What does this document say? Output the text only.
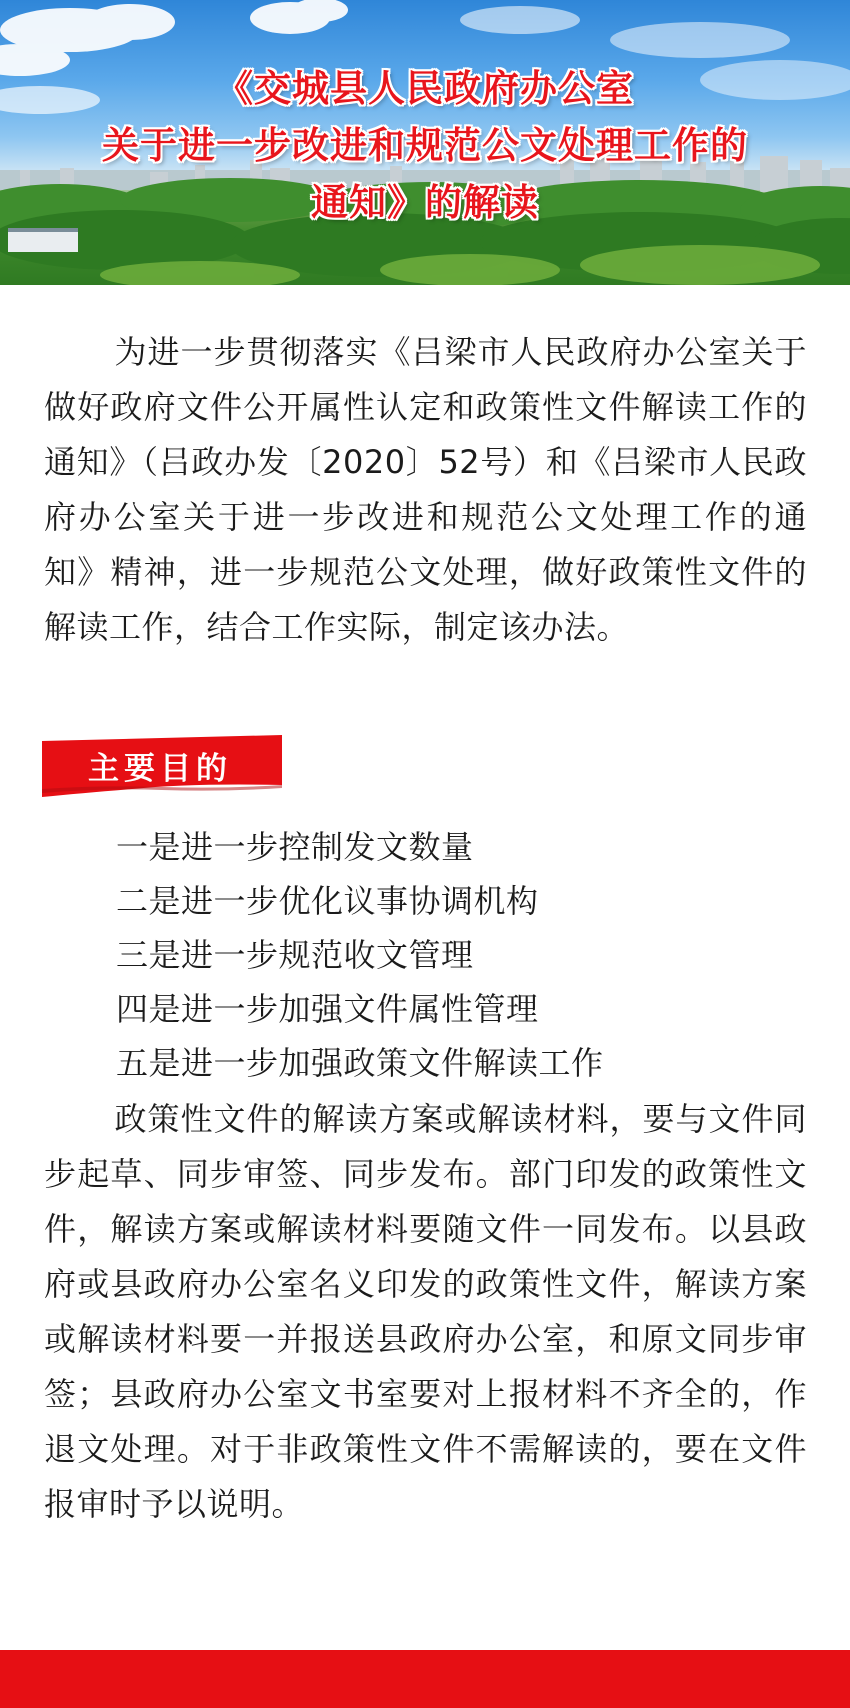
《交城县人民政府办公室
关于进一步改进和规范公文处理工作的
通知》的解读

为进一步贯彻落实《吕梁市人民政府办公室关于做好政府文件公开属性认定和政策性文件解读工作的通知》（吕政办发〔2020〕52号）和《吕梁市人民政府办公室关于进一步改进和规范公文处理工作的通知》精神，进一步规范公文处理，做好政策性文件的解读工作，结合工作实际，制定该办法。

主要目的
一是进一步控制发文数量
二是进一步优化议事协调机构
三是进一步规范收文管理
四是进一步加强文件属性管理
五是进一步加强政策文件解读工作

政策性文件的解读方案或解读材料，要与文件同步起草、同步审签、同步发布。部门印发的政策性文件，解读方案或解读材料要随文件一同发布。以县政府或县政府办公室名义印发的政策性文件，解读方案或解读材料要一并报送县政府办公室，和原文同步审签；县政府办公室文书室要对上报材料不齐全的，作退文处理。对于非政策性文件不需解读的，要在文件报审时予以说明。
